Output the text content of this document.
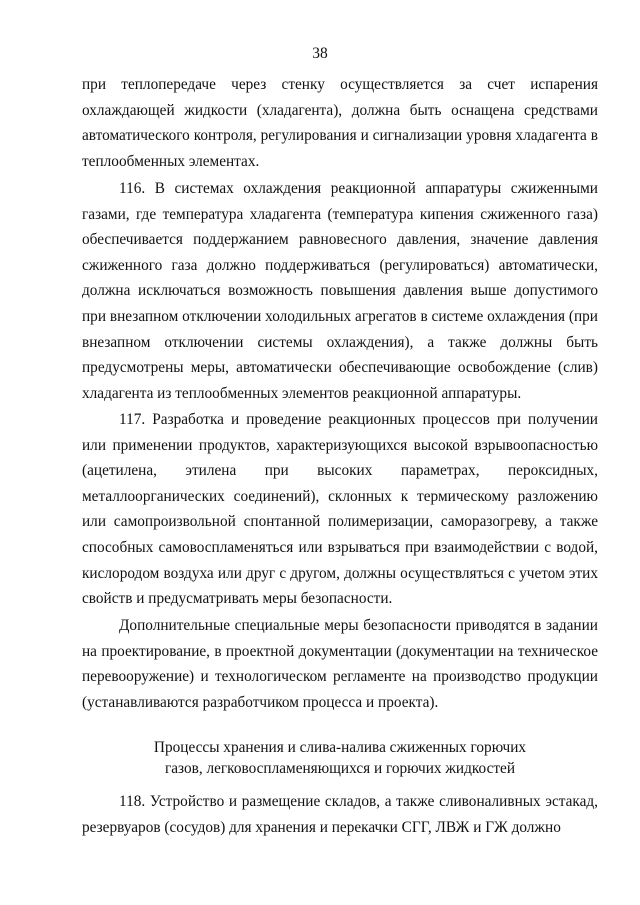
38

при теплопередаче через стенку осуществляется за счет испарения охлаждающей жидкости (хладагента), должна быть оснащена средствами автоматического контроля, регулирования и сигнализации уровня хладагента в теплообменных элементах.

116. В системах охлаждения реакционной аппаратуры сжиженными газами, где температура хладагента (температура кипения сжиженного газа) обеспечивается поддержанием равновесного давления, значение давления сжиженного газа должно поддерживаться (регулироваться) автоматически, должна исключаться возможность повышения давления выше допустимого при внезапном отключении холодильных агрегатов в системе охлаждения (при внезапном отключении системы охлаждения), а также должны быть предусмотрены меры, автоматически обеспечивающие освобождение (слив) хладагента из теплообменных элементов реакционной аппаратуры.

117. Разработка и проведение реакционных процессов при получении или применении продуктов, характеризующихся высокой взрывоопасностью (ацетилена, этилена при высоких параметрах, пероксидных, металлоорганических соединений), склонных к термическому разложению или самопроизвольной спонтанной полимеризации, саморазогреву, а также способных самовоспламеняться или взрываться при взаимодействии с водой, кислородом воздуха или друг с другом, должны осуществляться с учетом этих свойств и предусматривать меры безопасности.

Дополнительные специальные меры безопасности приводятся в задании на проектирование, в проектной документации (документации на техническое перевооружение) и технологическом регламенте на производство продукции (устанавливаются разработчиком процесса и проекта).

Процессы хранения и слива-налива сжиженных горючих
газов, легковоспламеняющихся и горючих жидкостей

118. Устройство и размещение складов, а также сливоналивных эстакад, резервуаров (сосудов) для хранения и перекачки СГГ, ЛВЖ и ГЖ должно
